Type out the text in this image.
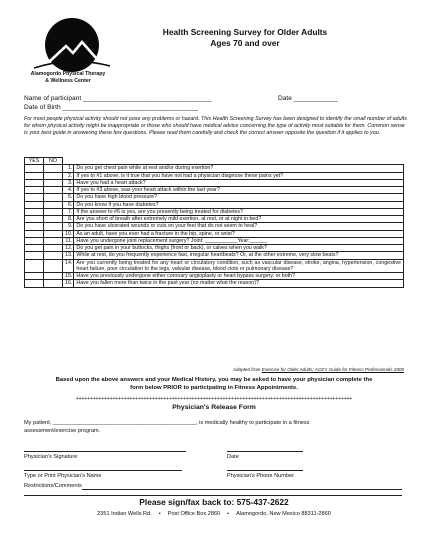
Alamogordo Physical Therapy
& Wellness Center
Health Screening Survey for Older Adults
Ages 70 and over
Name of participant ___________________________________	Date ____________
Date of Birth _____________________________________
For most people physical activity should not pose any problems or hazard. This Health Screening Survey has been designed to identify the small number of adults for whom physical activity might be inappropriate or those who should have medical advice concerning the type of activity most suitable for them. Common sense is your best guide in answering these few questions. Please read them carefully and check the correct answer opposite the question if it applies to you.
YES	NO		
		1.	Do you get chest pain while at rest and/or during exertion?
		2.	If yes to #1 above, is it true that you have not had a physician diagnose these pains yet?
		3.	Have you had a heart attack?
		4.	If yes to #3 above, was your heart attack within the last year?
		5.	Do you have high blood pressure?
		6.	Do you know if you have diabetes?
		7.	If the answer to #6 is yes, are you presently being treated for diabetes?
		8.	Are you short of breath after extremely mild exertion, at rest, or at night in bed?
		9.	Do you have ulcerated wounds or cuts on your feet that do not seem to heal?
		10.	As an adult, have you ever had a fracture in the hip, spine, or wrist?
		11.	Have you undergone joint replacement surgery? Joint: ___________Year:______
		12.	Do you get pain in your buttocks, thighs (front or back), or calves when you walk?
		13.	While at rest, do you frequently experience fast, irregular heartbeats? Or, at the other extreme, very slow beats?
		14.	Are you currently being treated for any heart or circulatory condition, such as vascular disease, stroke, angina, hypertension, congestive heart failure, poor circulation to the legs, valvular disease, blood clots or pulmonary disease?
		15.	Have you previously undergone either coronary angioplasty or heart bypass surgery, or both?
		16.	Have you fallen more than twice in the past year (no matter what the reason)?
Adapted from Exercise for Older Adults; ACE's Guide for Fitness Professionals 2005
Based upon the above answers and your Medical History, you may be asked to have your physician complete the
form below PRIOR to participating in Fitness Appointments.
++++++++++++++++++++++++++++++++++++++++++++++++++++++++++++++++++++++++++++++++++++++++++++++++++
Physician's Release Form
My patient, ______________________________________________, is medically healthy to participate in a fitness
assessment/exercise program.
Physician's Signature	Date
Type or Print Physician's Name	Physician's Phone Number
Restrictions/Comments
Please sign/fax back to: 575-437-2622
2351 Indian Wells Rd. • Post Office Box 2860 • Alamogordo, New Mexico 88311-2860
